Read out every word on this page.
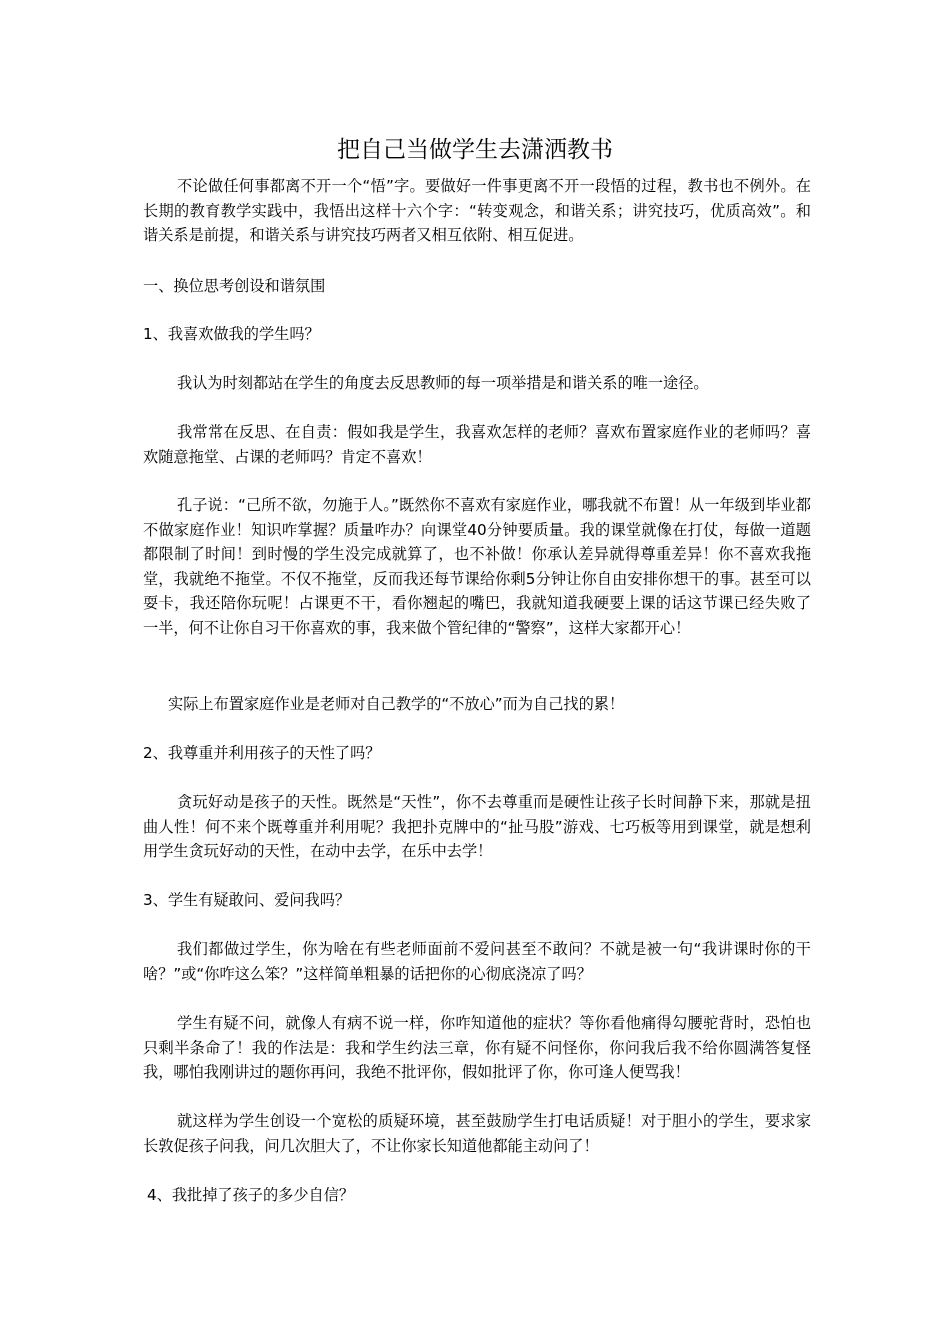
把自己当做学生去潇洒教书

不论做任何事都离不开一个“悟”字。要做好一件事更离不开一段悟的过程，教书也不例外。在长期的教育教学实践中，我悟出这样十六个字：“转变观念，和谐关系；讲究技巧，优质高效”。和谐关系是前提，和谐关系与讲究技巧两者又相互依附、相互促进。

一、换位思考创设和谐氛围

1、我喜欢做我的学生吗？

我认为时刻都站在学生的角度去反思教师的每一项举措是和谐关系的唯一途径。

我常常在反思、在自责：假如我是学生，我喜欢怎样的老师？喜欢布置家庭作业的老师吗？喜欢随意拖堂、占课的老师吗？肯定不喜欢！

孔子说：“己所不欲，勿施于人。”既然你不喜欢有家庭作业，哪我就不布置！从一年级到毕业都不做家庭作业！知识咋掌握？质量咋办？向课堂40分钟要质量。我的课堂就像在打仗，每做一道题都限制了时间！到时慢的学生没完成就算了，也不补做！你承认差异就得尊重差异！你不喜欢我拖堂，我就绝不拖堂。不仅不拖堂，反而我还每节课给你剩5分钟让你自由安排你想干的事。甚至可以耍卡，我还陪你玩呢！占课更不干，看你翘起的嘴巴，我就知道我硬要上课的话这节课已经失败了一半，何不让你自习干你喜欢的事，我来做个管纪律的“警察”，这样大家都开心！

实际上布置家庭作业是老师对自己教学的“不放心”而为自己找的累！

2、我尊重并利用孩子的天性了吗？

贪玩好动是孩子的天性。既然是“天性”，你不去尊重而是硬性让孩子长时间静下来，那就是扭曲人性！何不来个既尊重并利用呢？我把扑克牌中的“扯马股”游戏、七巧板等用到课堂，就是想利用学生贪玩好动的天性，在动中去学，在乐中去学！

3、学生有疑敢问、爱问我吗？

我们都做过学生，你为啥在有些老师面前不爱问甚至不敢问？不就是被一句“我讲课时你的干啥？”或“你咋这么笨？”这样简单粗暴的话把你的心彻底浇凉了吗？

学生有疑不问，就像人有病不说一样，你咋知道他的症状？等你看他痛得勾腰驼背时，恐怕也只剩半条命了！我的作法是：我和学生约法三章，你有疑不问怪你，你问我后我不给你圆满答复怪我，哪怕我刚讲过的题你再问，我绝不批评你，假如批评了你，你可逢人便骂我！

就这样为学生创设一个宽松的质疑环境，甚至鼓励学生打电话质疑！对于胆小的学生，要求家长敦促孩子问我，问几次胆大了，不让你家长知道他都能主动问了！

4、我批掉了孩子的多少自信？
